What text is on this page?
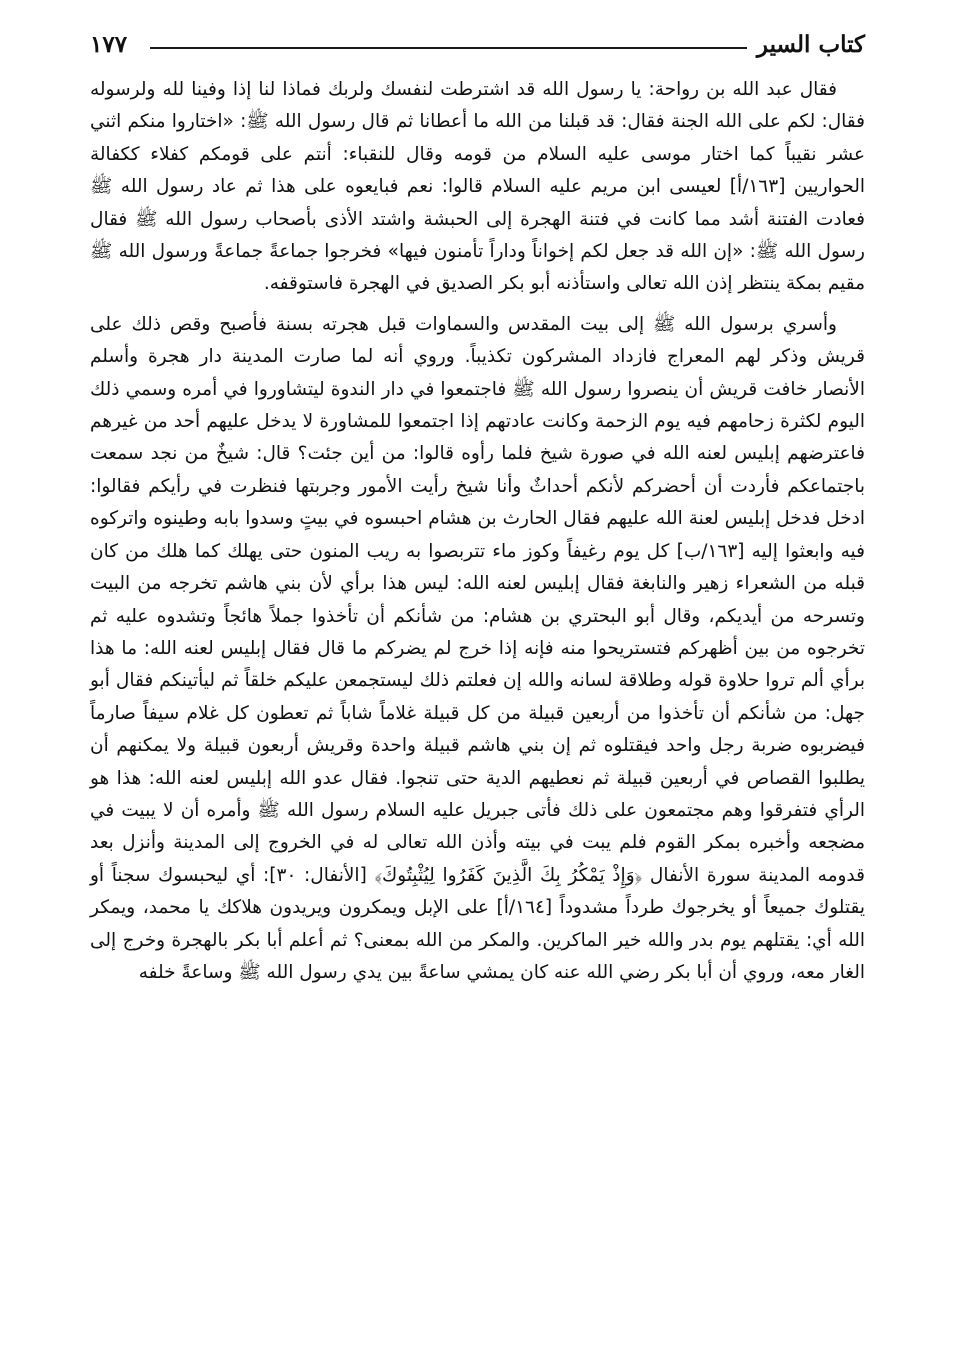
كتاب السير
١٧٧

فقال عبد الله بن رواحة: يا رسول الله قد اشترطت لنفسك ولربك فماذا لنا إذا وفينا لله ولرسوله فقال: لكم على الله الجنة فقال: قد قبلنا من الله ما أعطانا ثم قال رسول الله ﷺ: «اختاروا منكم اثني عشر نقيباً كما اختار موسى عليه السلام من قومه وقال للنقباء: أنتم على قومكم كفلاء ككفالة الحواريين [١٦٣/أ] لعيسى ابن مريم عليه السلام قالوا: نعم فبايعوه على هذا ثم عاد رسول الله ﷺ فعادت الفتنة أشد مما كانت في فتنة الهجرة إلى الحبشة واشتد الأذى بأصحاب رسول الله ﷺ فقال رسول الله ﷺ: «إن الله قد جعل لكم إخواناً وداراً تأمنون فيها» فخرجوا جماعةً جماعةً ورسول الله ﷺ مقيم بمكة ينتظر إذن الله تعالى واستأذنه أبو بكر الصديق في الهجرة فاستوقفه.

وأسري برسول الله ﷺ إلى بيت المقدس والسماوات قبل هجرته بسنة فأصبح وقص ذلك على قريش وذكر لهم المعراج فازداد المشركون تكذيباً. وروي أنه لما صارت المدينة دار هجرة وأسلم الأنصار خافت قريش أن ينصروا رسول الله ﷺ فاجتمعوا في دار الندوة ليتشاوروا في أمره وسمي ذلك اليوم لكثرة زحامهم فيه يوم الزحمة وكانت عادتهم إذا اجتمعوا للمشاورة لا يدخل عليهم أحد من غيرهم فاعترضهم إبليس لعنه الله في صورة شيخ فلما رأوه قالوا: من أين جئت؟ قال: شيخٌ من نجد سمعت باجتماعكم فأردت أن أحضركم لأنكم أحداثٌ وأنا شيخ رأيت الأمور وجربتها فنظرت في رأيكم فقالوا: ادخل فدخل إبليس لعنة الله عليهم فقال الحارث بن هشام احبسوه في بيتٍ وسدوا بابه وطينوه واتركوه فيه وابعثوا إليه [١٦٣/ب] كل يوم رغيفاً وكوز ماء تتربصوا به ريب المنون حتى يهلك كما هلك من كان قبله من الشعراء زهير والنابغة فقال إبليس لعنه الله: ليس هذا برأي لأن بني هاشم تخرجه من البيت وتسرحه من أيديكم، وقال أبو البحتري بن هشام: من شأنكم أن تأخذوا جملاً هائجاً وتشدوه عليه ثم تخرجوه من بين أظهركم فتستريحوا منه فإنه إذا خرج لم يضركم ما قال فقال إبليس لعنه الله: ما هذا برأي ألم تروا حلاوة قوله وطلاقة لسانه والله إن فعلتم ذلك ليستجمعن عليكم خلقاً ثم ليأتينكم فقال أبو جهل: من شأنكم أن تأخذوا من أربعين قبيلة من كل قبيلة غلاماً شاباً ثم تعطون كل غلام سيفاً صارماً فيضربوه ضربة رجل واحد فيقتلوه ثم إن بني هاشم قبيلة واحدة وقريش أربعون قبيلة ولا يمكنهم أن يطلبوا القصاص في أربعين قبيلة ثم نعطيهم الدية حتى تنجوا. فقال عدو الله إبليس لعنه الله: هذا هو الرأي فتفرقوا وهم مجتمعون على ذلك فأتى جبريل عليه السلام رسول الله ﷺ وأمره أن لا يبيت في مضجعه وأخبره بمكر القوم فلم يبت في بيته وأذن الله تعالى له في الخروج إلى المدينة وأنزل بعد قدومه المدينة سورة الأنفال ﴿وَإِذْ يَمْكُرُ بِكَ الَّذِينَ كَفَرُوا لِيُثْبِتُوكَ﴾ [الأنفال: ٣٠]: أي ليحبسوك سجناً أو يقتلوك جميعاً أو يخرجوك طرداً مشدوداً [١٦٤/أ] على الإبل ويمكرون ويريدون هلاكك يا محمد، ويمكر الله أي: يقتلهم يوم بدر والله خير الماكرين. والمكر من الله بمعنى؟ ثم أعلم أبا بكر بالهجرة وخرج إلى الغار معه، وروي أن أبا بكر رضي الله عنه كان يمشي ساعةً بين يدي رسول الله ﷺ وساعةً خلفه
